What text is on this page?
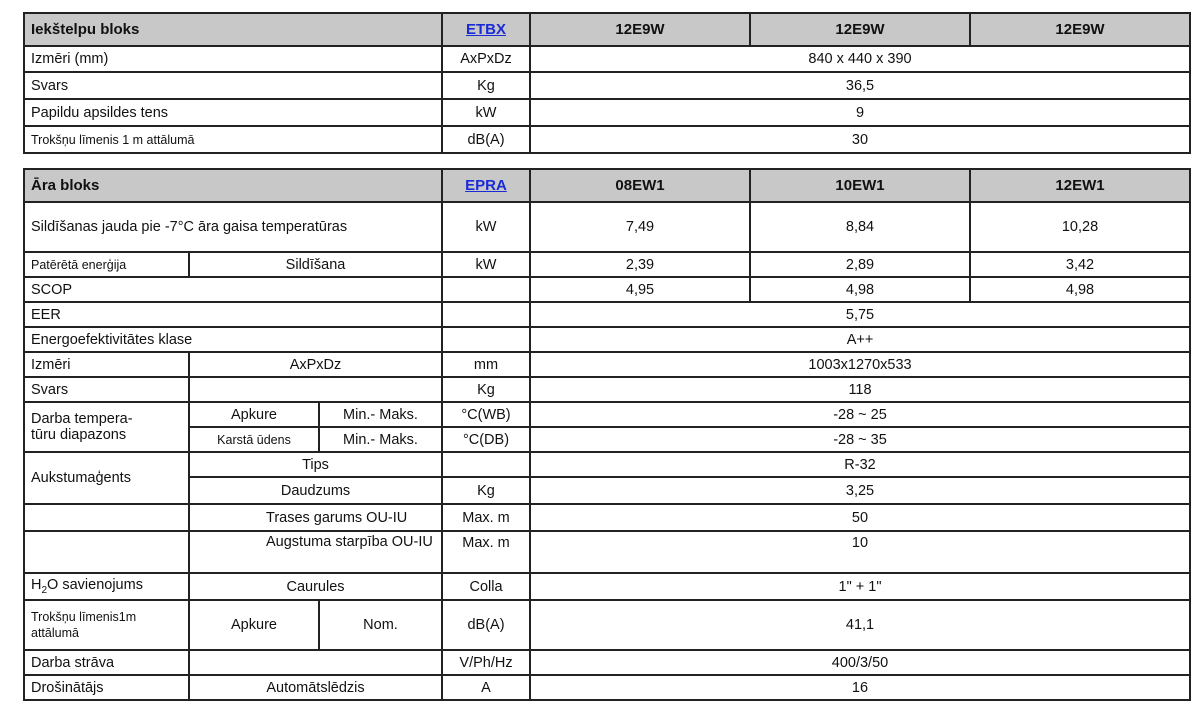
Iekštelpu bloks	ETBX	12E9W	12E9W	12E9W
Izmēri (mm)	AxPxDz	840 x 440 x 390		
Svars	Kg	36,5		
Papildu apsildes tens	kW	9		
Trokšņu līmenis 1 m attālumā	dB(A)	30		
Āra bloks			EPRA	08EW1	10EW1	12EW1
Sildīšanas jauda pie -7°C āra gaisa temperatūras			kW	7,49	8,84	10,28
Patērētā enerģija	Sildīšana		kW	2,39	2,89	3,42
SCOP				4,95	4,98	4,98
EER				5,75		
Energoefektivitātes klase				A++		
Izmēri	AxPxDz		mm	1003x1270x533		
Svars			Kg	118		
Darba tempera-
tūru diapazons	Apkure	Min.- Maks.	°C(WB)	-28 ~ 25		
	Karstā ūdens	Min.- Maks.	°C(DB)	-28 ~ 35		
Aukstumaģents	Tips			R-32		
	Daudzums		Kg	3,25		
	Trases garums OU-IU		Max. m	50		
	Augstuma starpība OU-IU		Max. m	10		
$H_2O$ savienojums	Caurules		Colla	1" + 1"		
Trokšņu līmenis1m attālumā	Apkure	Nom.	dB(A)	41,1		
Darba strāva			V/Ph/Hz	400/3/50		
Drošinātājs	Automātslēdzis		A	16		
